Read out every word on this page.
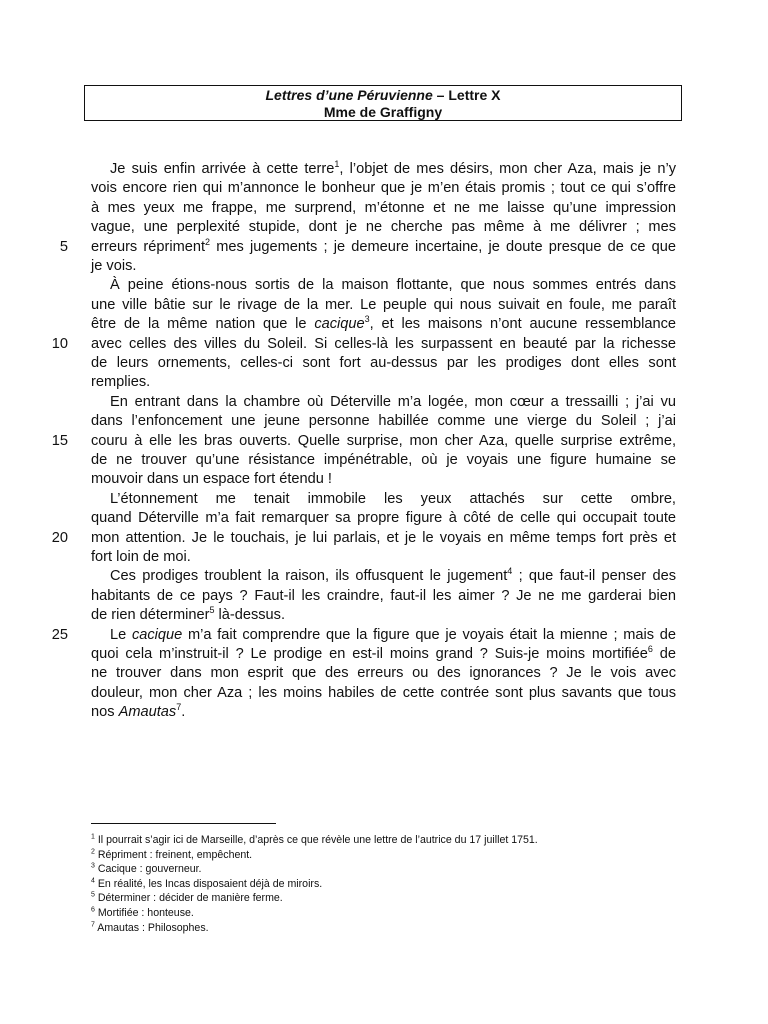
Lettres d’une Péruvienne – Lettre X
Mme de Graffigny
Je suis enfin arrivée à cette terre$^1$, l’objet de mes désirs, mon cher Aza, mais je n’y
vois encore rien qui m’annonce le bonheur que je m’en étais promis ; tout ce qui s’offre
à mes yeux me frappe, me surprend, m’étonne et ne me laisse qu’une impression
vague, une perplexité stupide, dont je ne cherche pas même à me délivrer ; mes
erreurs répriment$^2$ mes jugements ; je demeure incertaine, je doute presque de ce que
5
je vois.
À peine étions-nous sortis de la maison flottante, que nous sommes entrés dans
une ville bâtie sur le rivage de la mer. Le peuple qui nous suivait en foule, me paraît
être de la même nation que le cacique$^3$, et les maisons n’ont aucune ressemblance
avec celles des villes du Soleil. Si celles-là les surpassent en beauté par la richesse
10
de leurs ornements, celles-ci sont fort au-dessus par les prodiges dont elles sont
remplies.
En entrant dans la chambre où Déterville m’a logée, mon cœur a tressailli ; j’ai vu
dans l’enfoncement une jeune personne habillée comme une vierge du Soleil ; j’ai
couru à elle les bras ouverts. Quelle surprise, mon cher Aza, quelle surprise extrême,
15
de ne trouver qu’une résistance impénétrable, où je voyais une figure humaine se
mouvoir dans un espace fort étendu !
L’étonnement me tenait immobile les yeux attachés sur cette ombre,
quand Déterville m’a fait remarquer sa propre figure à côté de celle qui occupait toute
mon attention. Je le touchais, je lui parlais, et je le voyais en même temps fort près et
20
fort loin de moi.
Ces prodiges troublent la raison, ils offusquent le jugement$^4$ ; que faut-il penser des
habitants de ce pays ? Faut-il les craindre, faut-il les aimer ? Je ne me garderai bien
de rien déterminer$^5$ là-dessus.
Le cacique m’a fait comprendre que la figure que je voyais était la mienne ; mais de
25
quoi cela m’instruit-il ? Le prodige en est-il moins grand ? Suis-je moins mortifiée$^6$ de
ne trouver dans mon esprit que des erreurs ou des ignorances ? Je le vois avec
douleur, mon cher Aza ; les moins habiles de cette contrée sont plus savants que tous
nos Amautas$^7$.
$^1$ Il pourrait s’agir ici de Marseille, d’après ce que révèle une lettre de l’autrice du 17 juillet 1751.
$^2$ Répriment : freinent, empêchent.
$^3$ Cacique : gouverneur.
$^4$ En réalité, les Incas disposaient déjà de miroirs.
$^5$ Déterminer : décider de manière ferme.
$^6$ Mortifiée : honteuse.
$^7$ Amautas : Philosophes.
